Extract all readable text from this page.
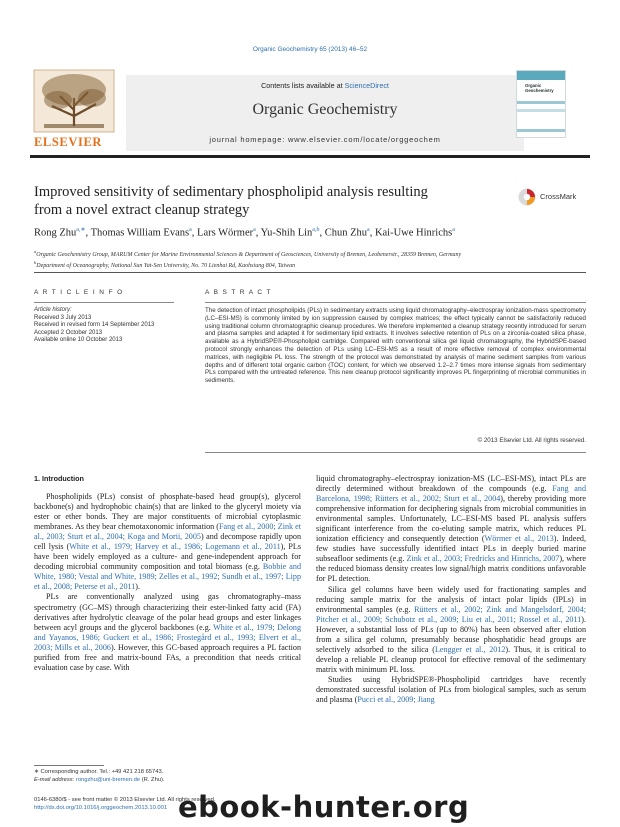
Organic Geochemistry 65 (2013) 46–52
ELSEVIER
Contents lists available at ScienceDirect
Organic Geochemistry
journal homepage: www.elsevier.com/locate/orggeochem
Organic
Geochemistry
Improved sensitivity of sedimentary phospholipid analysis resulting
from a novel extract cleanup strategy
CrossMark
Rong Zhu$^{a,∗}$, Thomas William Evans$^a$, Lars Wörmer$^a$, Yu-Shih Lin$^{a,b}$, Chun Zhu$^a$, Kai-Uwe Hinrichs$^a$
$^a$Organic Geochemistry Group, MARUM Center for Marine Environmental Sciences & Department of Geosciences, University of Bremen, Leobenerstr., 28359 Bremen, Germany
$^b$Department of Oceanography, National Sun Yat-Sen University, No. 70 Lienhai Rd, Kaohsiung 804, Taiwan
A R T I C L E I N F O	A B S T R A C T
Article history:
Received 3 July 2013
Received in revised form 14 September 2013
Accepted 2 October 2013
Available online 10 October 2013
The detection of intact phospholipids (PLs) in sedimentary extracts using liquid chromatography–electrospray ionization-mass spectrometry (LC–ESI-MS) is commonly limited by ion suppression caused by complex matrices; the effect typically cannot be satisfactorily reduced using traditional column chromatographic cleanup procedures. We therefore implemented a cleanup strategy recently introduced for serum and plasma samples and adapted it for sedimentary lipid extracts. It involves selective retention of PLs on a zirconia-coated silica phase, available as a HybridSPE®-Phospholipid cartridge. Compared with conventional silica gel liquid chromatography, the HybridSPE-based protocol strongly enhances the detection of PLs using LC–ESI-MS as a result of more effective removal of complex environmental matrices, with negligible PL loss. The strength of the protocol was demonstrated by analysis of marine sediment samples from various depths and of different total organic carbon (TOC) content, for which we observed 1.2–2.7 times more intense signals from sedimentary PLs compared with the untreated reference. This new cleanup protocol significantly improves PL fingerprinting of microbial communities in sediments.
© 2013 Elsevier Ltd. All rights reserved.
1. Introduction

Phospholipids (PLs) consist of phosphate-based head group(s), glycerol backbone(s) and hydrophobic chain(s) that are linked to the glyceryl moiety via ester or ether bonds. They are major constituents of microbial cytoplasmic membranes. As they bear chemotaxonomic information (Fang et al., 2000; Zink et al., 2003; Sturt et al., 2004; Koga and Morii, 2005) and decompose rapidly upon cell lysis (White et al., 1979; Harvey et al., 1986; Logemann et al., 2011), PLs have been widely employed as a culture- and gene-independent approach for decoding microbial community composition and total biomass (e.g. Bobbie and White, 1980; Vestal and White, 1989; Zelles et al., 1992; Sundh et al., 1997; Lipp et al., 2008; Peterse et al., 2011).

PLs are conventionally analyzed using gas chromatography–mass spectrometry (GC–MS) through characterizing their ester-linked fatty acid (FA) derivatives after hydrolytic cleavage of the polar head groups and ester linkages between acyl groups and the glycerol backbones (e.g. White et al., 1979; Delong and Yayanos, 1986; Guckert et al., 1986; Frostegård et al., 1993; Elvert et al., 2003; Mills et al., 2006). However, this GC-based approach requires a PL faction purified from free and matrix-bound FAs, a precondition that needs critical evaluation case by case. With

liquid chromatography–electrospray ionization-MS (LC–ESI-MS), intact PLs are directly determined without breakdown of the compounds (e.g. Fang and Barcelona, 1998; Rütters et al., 2002; Sturt et al., 2004), thereby providing more comprehensive information for deciphering signals from microbial communities in environmental samples. Unfortunately, LC–ESI-MS based PL analysis suffers significant interference from the co-eluting sample matrix, which reduces PL ionization efficiency and consequently detection (Wörmer et al., 2013). Indeed, few studies have successfully identified intact PLs in deeply buried marine subseafloor sediments (e.g. Zink et al., 2003; Fredricks and Hinrichs, 2007), where the reduced biomass density creates low signal/high matrix conditions unfavorable for PL detection.

Silica gel columns have been widely used for fractionating samples and reducing sample matrix for the analysis of intact polar lipids (IPLs) in environmental samples (e.g. Rütters et al., 2002; Zink and Mangelsdorf, 2004; Pitcher et al., 2009; Schubotz et al., 2009; Liu et al., 2011; Rossel et al., 2011). However, a substantial loss of PLs (up to 80%) has been observed after elution from a silica gel column, presumably because phosphatidic head groups are selectively adsorbed to the silica (Lengger et al., 2012). Thus, it is critical to develop a reliable PL cleanup protocol for effective removal of the sedimentary matrix with minimum PL loss.

Studies using HybridSPE®-Phospholipid cartridges have recently demonstrated successful isolation of PLs from biological samples, such as serum and plasma (Pucci et al., 2009; Jiang

∗ Corresponding author. Tel.: +49 421 218 65743.
E-mail address: rongzhu@uni-bremen.de (R. Zhu).
0146-6380/$ - see front matter © 2013 Elsevier Ltd. All rights reserved.
http://dx.doi.org/10.1016/j.orggeochem.2013.10.001 ebook-hunter.org
